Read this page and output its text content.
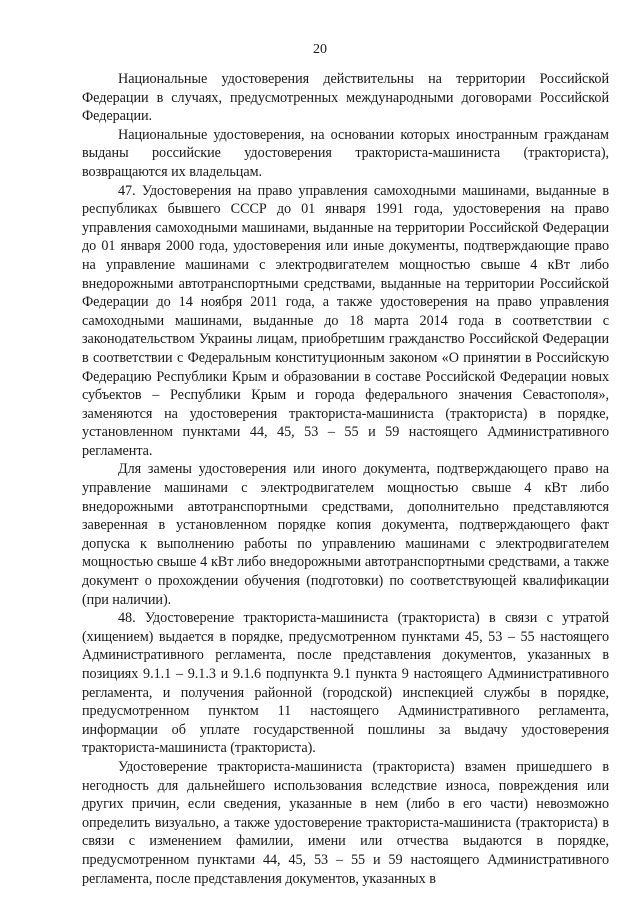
20

Национальные удостоверения действительны на территории Российской Федерации в случаях, предусмотренных международными договорами Российской Федерации.

Национальные удостоверения, на основании которых иностранным гражданам выданы российские удостоверения тракториста-машиниста (тракториста), возвращаются их владельцам.

47. Удостоверения на право управления самоходными машинами, выданные в республиках бывшего СССР до 01 января 1991 года, удостоверения на право управления самоходными машинами, выданные на территории Российской Федерации до 01 января 2000 года, удостоверения или иные документы, подтверждающие право на управление машинами с электродвигателем мощностью свыше 4 кВт либо внедорожными автотранспортными средствами, выданные на территории Российской Федерации до 14 ноября 2011 года, а также удостоверения на право управления самоходными машинами, выданные до 18 марта 2014 года в соответствии с законодательством Украины лицам, приобретшим гражданство Российской Федерации в соответствии с Федеральным конституционным законом «О принятии в Российскую Федерацию Республики Крым и образовании в составе Российской Федерации новых субъектов – Республики Крым и города федерального значения Севастополя», заменяются на удостоверения тракториста-машиниста (тракториста) в порядке, установленном пунктами 44, 45, 53 – 55 и 59 настоящего Административного регламента.

Для замены удостоверения или иного документа, подтверждающего право на управление машинами с электродвигателем мощностью свыше 4 кВт либо внедорожными автотранспортными средствами, дополнительно представляются заверенная в установленном порядке копия документа, подтверждающего факт допуска к выполнению работы по управлению машинами с электродвигателем мощностью свыше 4 кВт либо внедорожными автотранспортными средствами, а также документ о прохождении обучения (подготовки) по соответствующей квалификации (при наличии).

48. Удостоверение тракториста-машиниста (тракториста) в связи с утратой (хищением) выдается в порядке, предусмотренном пунктами 45, 53 – 55 настоящего Административного регламента, после представления документов, указанных в позициях 9.1.1 – 9.1.3 и 9.1.6 подпункта 9.1 пункта 9 настоящего Административного регламента, и получения районной (городской) инспекцией службы в порядке, предусмотренном пунктом 11 настоящего Административного регламента, информации об уплате государственной пошлины за выдачу удостоверения тракториста-машиниста (тракториста).

Удостоверение тракториста-машиниста (тракториста) взамен пришедшего в негодность для дальнейшего использования вследствие износа, повреждения или других причин, если сведения, указанные в нем (либо в его части) невозможно определить визуально, а также удостоверение тракториста-машиниста (тракториста) в связи с изменением фамилии, имени или отчества выдаются в порядке, предусмотренном пунктами 44, 45, 53 – 55 и 59 настоящего Административного регламента, после представления документов, указанных в
